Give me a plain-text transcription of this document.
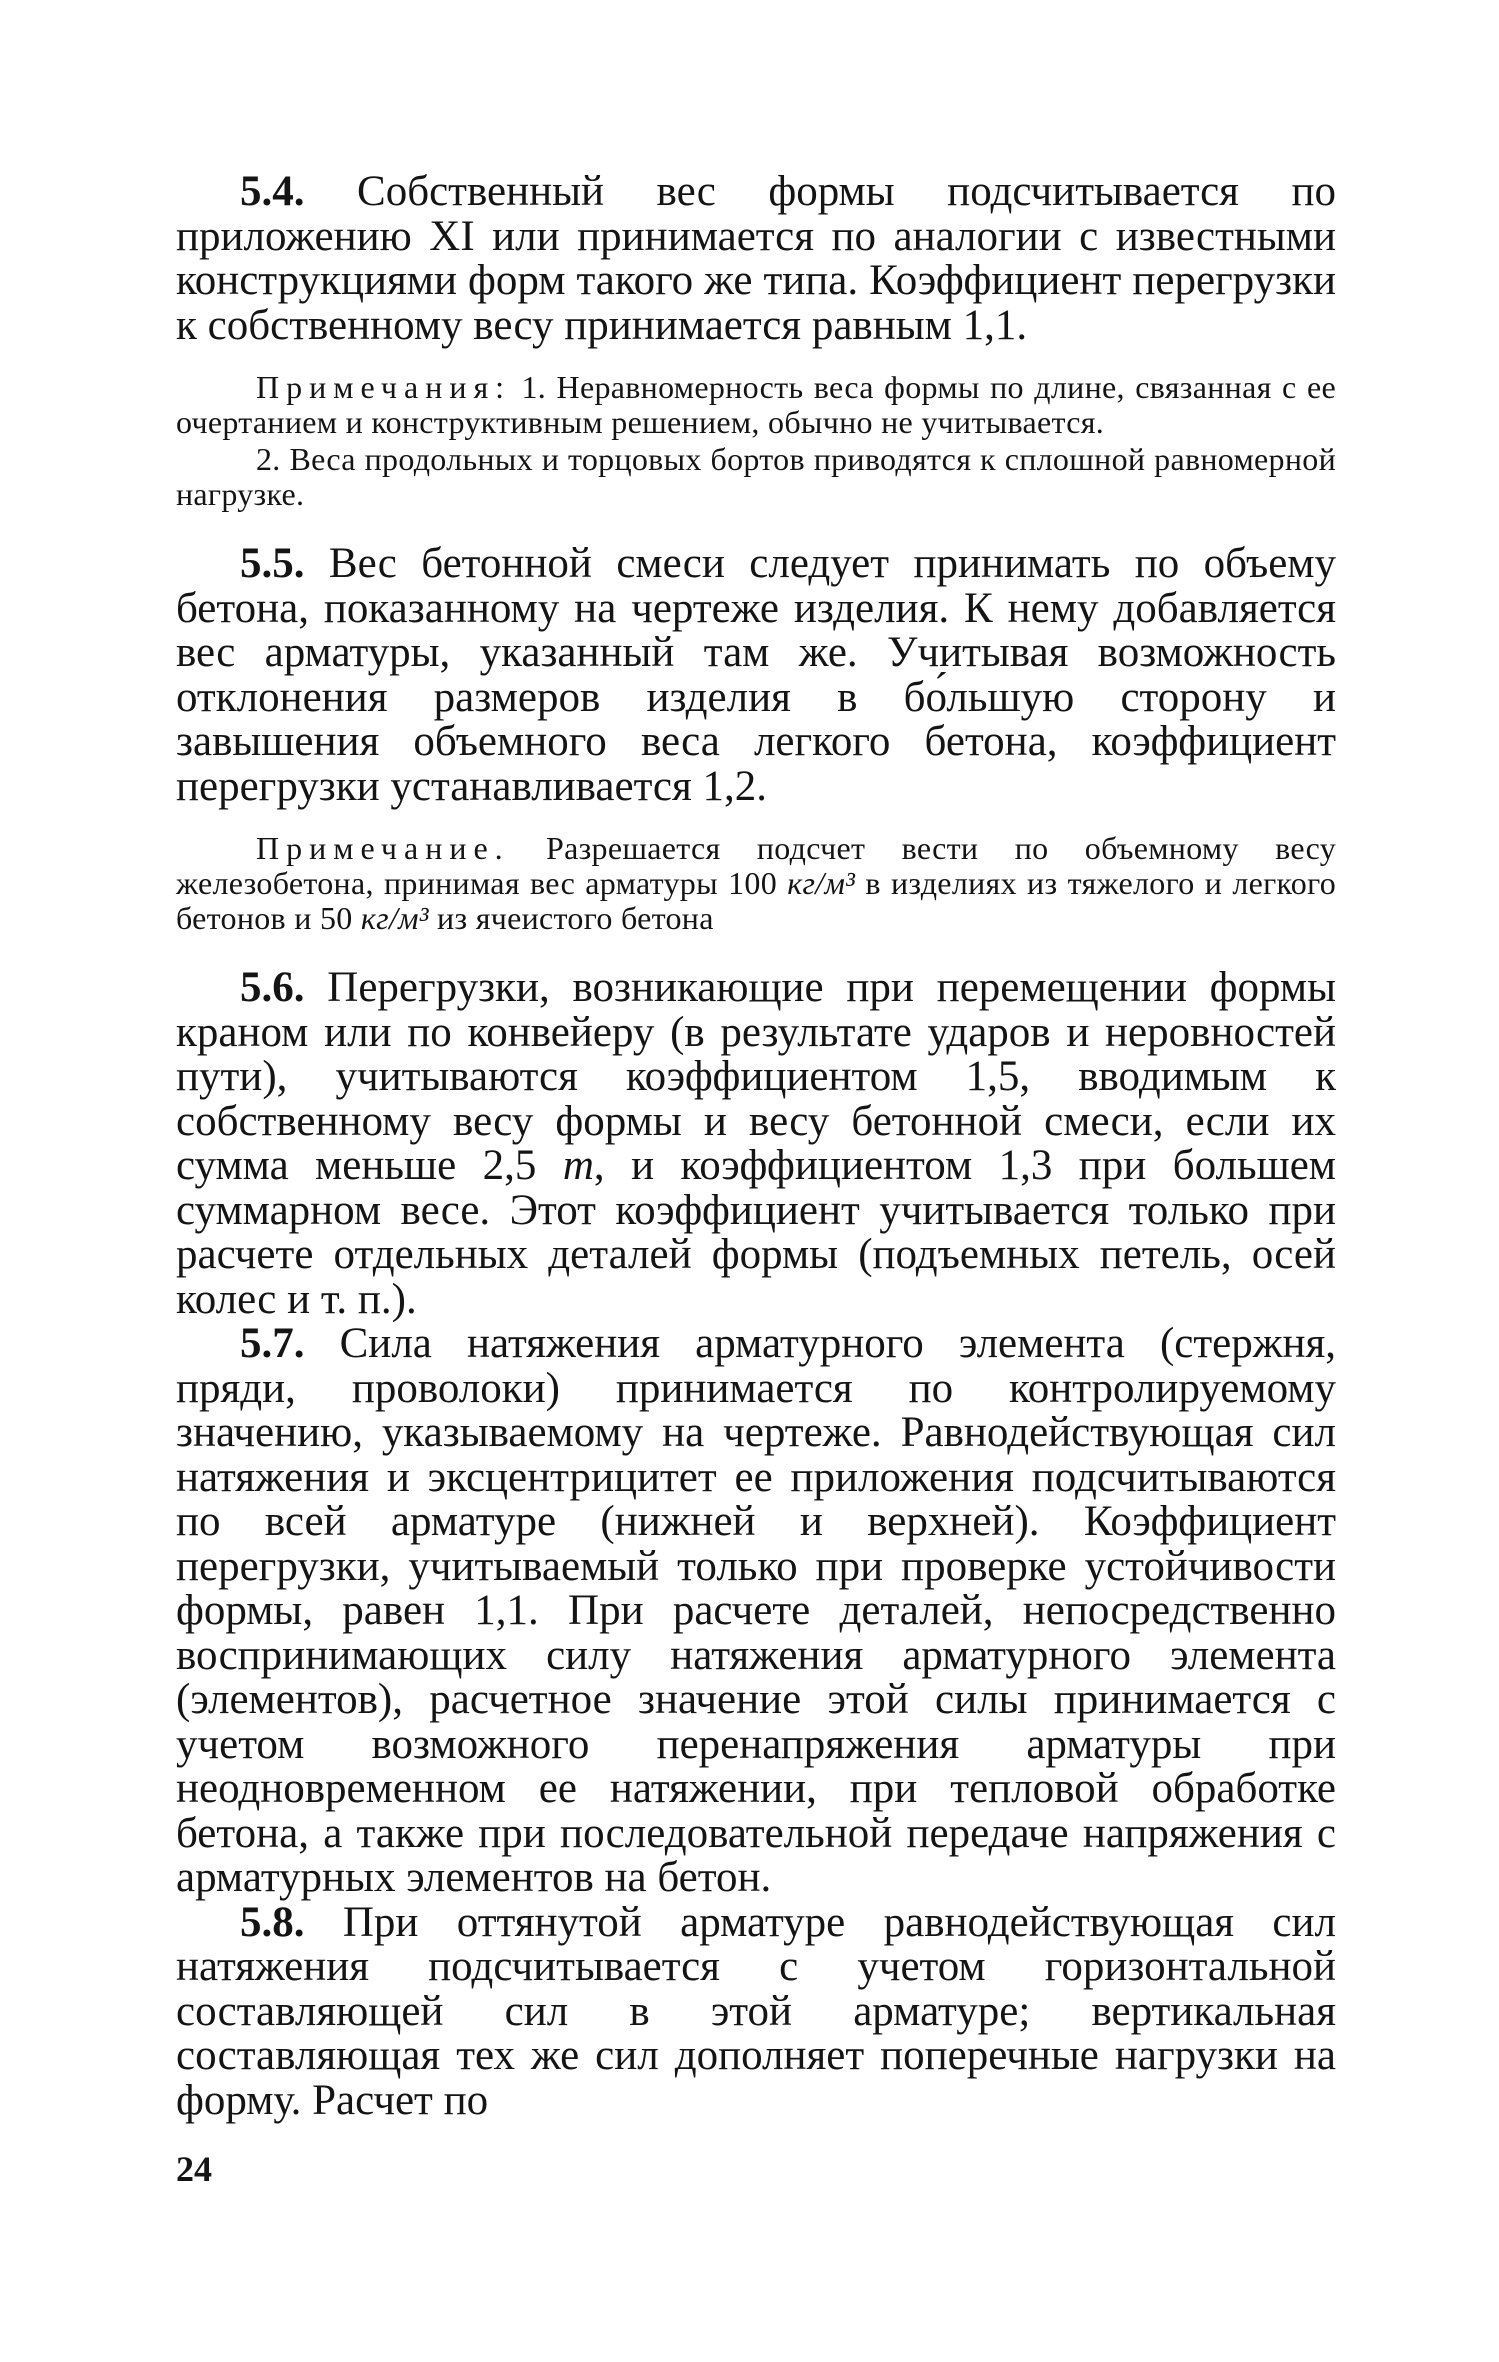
5.4. Собственный вес формы подсчитывается по приложению XI или принимается по аналогии с известными конструкциями форм такого же типа. Коэффициент перегрузки к собственному весу принимается равным 1,1.

Примечания: 1. Неравномерность веса формы по длине, связанная с ее очертанием и конструктивным решением, обычно не учитывается.

2. Веса продольных и торцовых бортов приводятся к сплошной равномерной нагрузке.

5.5. Вес бетонной смеси следует принимать по объему бетона, показанному на чертеже изделия. К нему добавляется вес арматуры, указанный там же. Учитывая возможность отклонения размеров изделия в бо́льшую сторону и завышения объемного веса легкого бетона, коэффициент перегрузки устанавливается 1,2.

Примечание. Разрешается подсчет вести по объемному весу железобетона, принимая вес арматуры 100 кг/м³ в изделиях из тяжелого и легкого бетонов и 50 кг/м³ из ячеистого бетона

5.6. Перегрузки, возникающие при перемещении формы краном или по конвейеру (в результате ударов и неровностей пути), учитываются коэффициентом 1,5, вводимым к собственному весу формы и весу бетонной смеси, если их сумма меньше 2,5 т, и коэффициентом 1,3 при большем суммарном весе. Этот коэффициент учитывается только при расчете отдельных деталей формы (подъемных петель, осей колес и т. п.).

5.7. Сила натяжения арматурного элемента (стержня, пряди, проволоки) принимается по контролируемому значению, указываемому на чертеже. Равнодействующая сил натяжения и эксцентрицитет ее приложения подсчитываются по всей арматуре (нижней и верхней). Коэффициент перегрузки, учитываемый только при проверке устойчивости формы, равен 1,1. При расчете деталей, непосредственно воспринимающих силу натяжения арматурного элемента (элементов), расчетное значение этой силы принимается с учетом возможного перенапряжения арматуры при неодновременном ее натяжении, при тепловой обработке бетона, а также при последовательной передаче напряжения с арматурных элементов на бетон.

5.8. При оттянутой арматуре равнодействующая сил натяжения подсчитывается с учетом горизонтальной составляющей сил в этой арматуре; вертикальная составляющая тех же сил дополняет поперечные нагрузки на форму. Расчет по

24
